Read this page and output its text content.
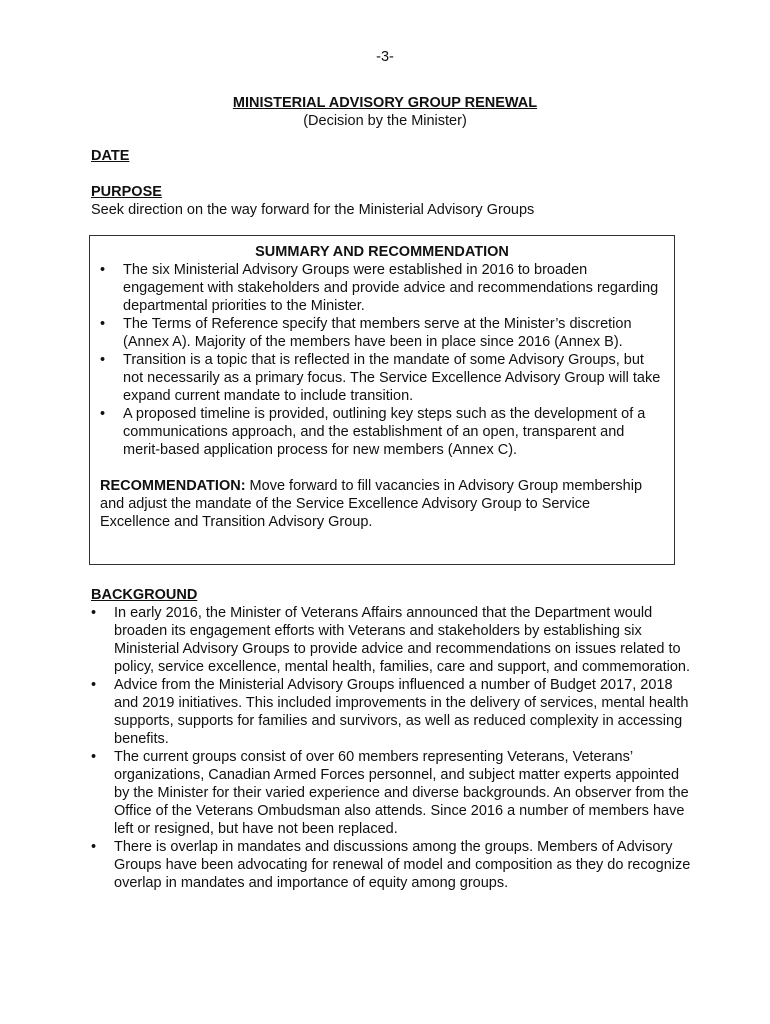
-3-
MINISTERIAL ADVISORY GROUP RENEWAL
(Decision by the Minister)
DATE
PURPOSE
Seek direction on the way forward for the Ministerial Advisory Groups
SUMMARY AND RECOMMENDATION
• The six Ministerial Advisory Groups were established in 2016 to broaden engagement with stakeholders and provide advice and recommendations regarding departmental priorities to the Minister.
• The Terms of Reference specify that members serve at the Minister’s discretion (Annex A). Majority of the members have been in place since 2016 (Annex B).
• Transition is a topic that is reflected in the mandate of some Advisory Groups, but not necessarily as a primary focus. The Service Excellence Advisory Group will take expand current mandate to include transition.
• A proposed timeline is provided, outlining key steps such as the development of a communications approach, and the establishment of an open, transparent and merit-based application process for new members (Annex C).
RECOMMENDATION: Move forward to fill vacancies in Advisory Group membership and adjust the mandate of the Service Excellence Advisory Group to Service Excellence and Transition Advisory Group.
BACKGROUND
• In early 2016, the Minister of Veterans Affairs announced that the Department would broaden its engagement efforts with Veterans and stakeholders by establishing six Ministerial Advisory Groups to provide advice and recommendations on issues related to policy, service excellence, mental health, families, care and support, and commemoration.
• Advice from the Ministerial Advisory Groups influenced a number of Budget 2017, 2018 and 2019 initiatives. This included improvements in the delivery of services, mental health supports, supports for families and survivors, as well as reduced complexity in accessing benefits.
• The current groups consist of over 60 members representing Veterans, Veterans’ organizations, Canadian Armed Forces personnel, and subject matter experts appointed by the Minister for their varied experience and diverse backgrounds. An observer from the Office of the Veterans Ombudsman also attends. Since 2016 a number of members have left or resigned, but have not been replaced.
• There is overlap in mandates and discussions among the groups. Members of Advisory Groups have been advocating for renewal of model and composition as they do recognize overlap in mandates and importance of equity among groups.
